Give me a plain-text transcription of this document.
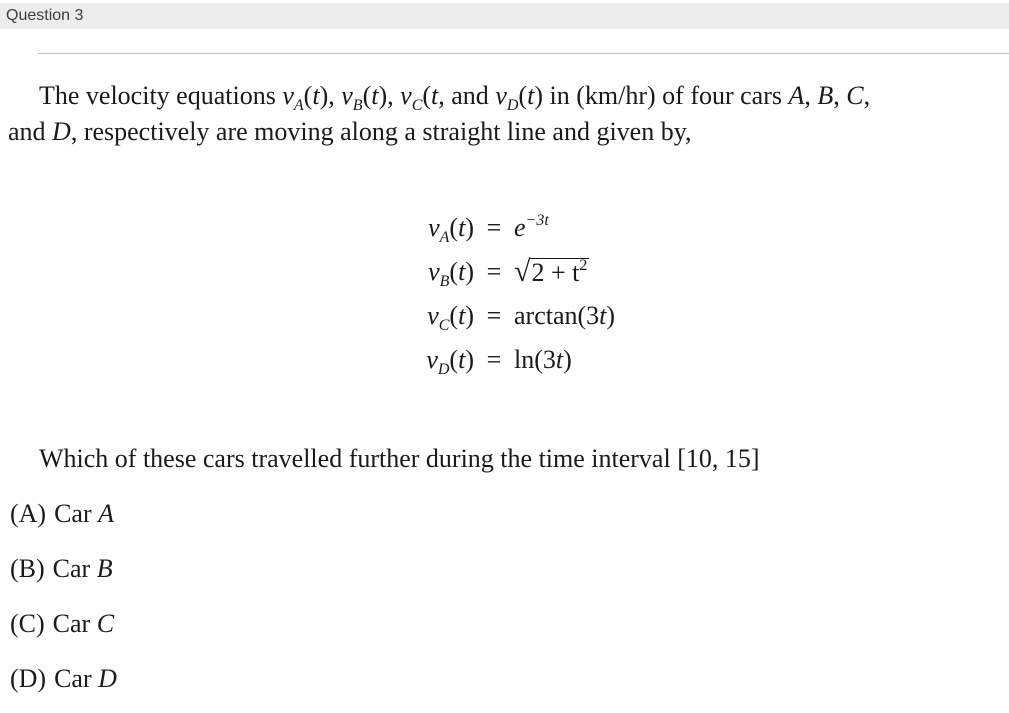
Question 3
The velocity equations $v_A(t)$, $v_B(t)$, $v_C(t$, and $v_D(t)$ in (km/hr) of four cars A, B, C,
and D, respectively are moving along a straight line and given by,
$v_A(t) = e^{-3t}$
$v_B(t)$ = √ $2 + t^2$
$v_C(t) = \arctan(3t)$
$v_D(t) = \ln(3t)$
Which of these cars travelled further during the time interval [10, 15]
(A) Car A
(B) Car B
(C) Car C
(D) Car D
